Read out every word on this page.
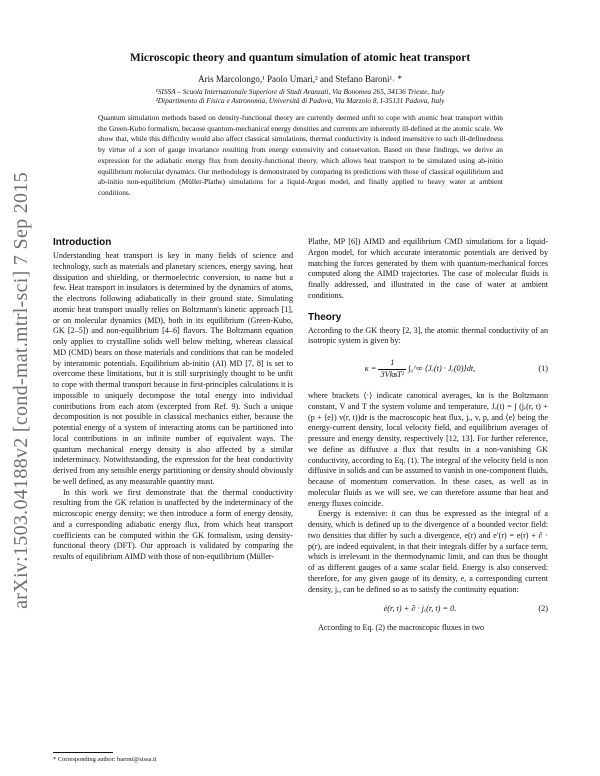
arXiv:1503.04188v2 [cond-mat.mtrl-sci] 7 Sep 2015
Microscopic theory and quantum simulation of atomic heat transport
Aris Marcolongo,¹ Paolo Umari,² and Stefano Baroni¹˒ *
¹SISSA – Scuola Internazionale Superiore di Studi Avanzati, Via Bonomea 265, 34136 Trieste, Italy
²Dipartimento di Fisica e Astronomia, Università di Padova, Via Marzolo 8, I-35131 Padova, Italy
Quantum simulation methods based on density-functional theory are currently deemed unfit to cope with atomic heat transport within the Green-Kubo formalism, because quantum-mechanical energy densities and currents are inherently ill-defined at the atomic scale. We show that, while this difficulty would also affect classical simulations, thermal conductivity is indeed insensitive to such ill-definedness by virtue of a sort of gauge invariance resulting from energy extensivity and conservation. Based on these findings, we derive an expression for the adiabatic energy flux from density-functional theory, which allows heat transport to be simulated using ab-initio equilibrium molecular dynamics. Our methodology is demonstrated by comparing its predictions with those of classical equilibrium and ab-initio non-equilibrium (Müller-Plathe) simulations for a liquid-Argon model, and finally applied to heavy water at ambient conditions.
Introduction

Understanding heat transport is key in many fields of science and technology, such as materials and planetary sciences, energy saving, heat dissipation and shielding, or thermoelectric conversion, to name but a few. Heat transport in insulators is determined by the dynamics of atoms, the electrons following adiabatically in their ground state. Simulating atomic heat transport usually relies on Boltzmann's kinetic approach [1], or on molecular dynamics (MD), both in its equilibrium (Green-Kubo, GK [2–5]) and non-equilibrium [4–6] flavors. The Boltzmann equation only applies to crystalline solids well below melting, whereas classical MD (CMD) bears on those materials and conditions that can be modeled by interatomic potentials. Equilibrium ab-initio (AI) MD [7, 8] is set to overcome these limitations, but it is still surprisingly thought to be unfit to cope with thermal transport because in first-principles calculations it is impossible to uniquely decompose the total energy into individual contributions from each atom (excerpted from Ref. 9). Such a unique decomposition is not possible in classical mechanics either, because the potential energy of a system of interacting atoms can be partitioned into local contributions in an infinite number of equivalent ways. The quantum mechanical energy density is also affected by a similar indeterminacy. Notwithstanding, the expression for the heat conductivity derived from any sensible energy partitioning or density should obviously be well defined, as any measurable quantity must.

In this work we first demonstrate that the thermal conductivity resulting from the GK relation is unaffected by the indeterminacy of the microscopic energy density; we then introduce a form of energy density, and a corresponding adiabatic energy flux, from which heat transport coefficients can be computed within the GK formalism, using density-functional theory (DFT). Our approach is validated by comparing the results of equilibrium AIMD with those of non-equilibrium (Müller-

Plathe, MP [6]) AIMD and equilibrium CMD simulations for a liquid-Argon model, for which accurate interatomic potentials are derived by matching the forces generated by them with quantum-mechanical forces computed along the AIMD trajectories. The case of molecular fluids is finally addressed, and illustrated in the case of water at ambient conditions.

Theory

According to the GK theory [2, 3], the atomic thermal conductivity of an isotropic system is given by:

$\kappa = \frac{1}{\text{3VkʙT²}}$ ∫₀^∞ ⟨Jₑ(t) · Jₑ(0)⟩dt,	(1)

where brackets ⟨·⟩ indicate canonical averages, kʙ is the Boltzmann constant, V and T the system volume and temperature, Jₑ(t) = ∫ (jₑ(r, t) + (p + ⟨e⟩) v(r, t))dr is the macroscopic heat flux, jₑ, v, p, and ⟨e⟩ being the energy-current density, local velocity field, and equilibrium averages of pressure and energy density, respectively [12, 13]. For further reference, we define as diffusive a flux that results in a non-vanishing GK conductivity, according to Eq. (1). The integral of the velocity field is non diffusive in solids and can be assumed to vanish in one-component fluids, because of momentum conservation. In these cases, as well as in molecular fluids as we will see, we can therefore assume that heat and energy fluxes coincide.

Energy is extensive: it can thus be expressed as the integral of a density, which is defined up to the divergence of a bounded vector field: two densities that differ by such a divergence, e(r) and e′(r) = e(r) + ∂ · p(r), are indeed equivalent, in that their integrals differ by a surface term, which is irrelevant in the thermodynamic limit, and can thus be thought of as different gauges of a same scalar field. Energy is also conserved: therefore, for any given gauge of its density, e, a corresponding current density, jₑ, can be defined so as to satisfy the continuity equation:

ė(r, t) + ∂ · jₑ(r, t) = 0.	(2)

According to Eq. (2) the macroscopic fluxes in two

* Corresponding author: baroni@sissa.it
